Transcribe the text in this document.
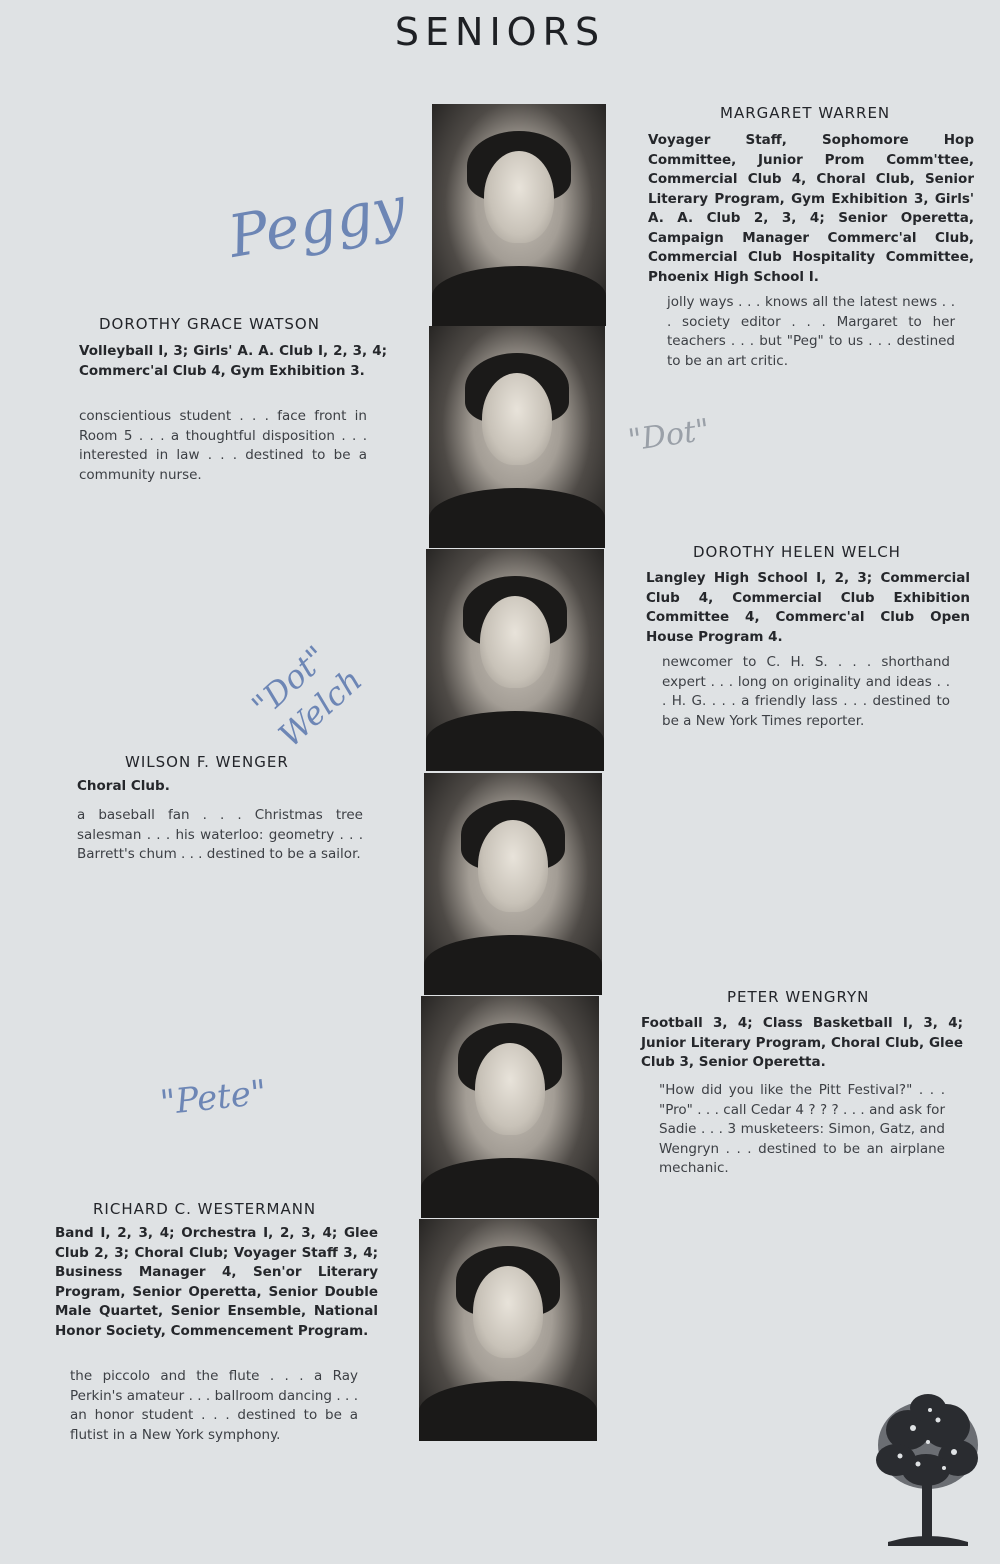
SENIORS
MARGARET WARREN
Voyager Staff, Sophomore Hop Committee, Junior Prom Comm'ttee, Commercial Club 4, Choral Club, Senior Literary Program, Gym Exhibition 3, Girls' A. A. Club 2, 3, 4; Senior Operetta, Campaign Manager Commerc'al Club, Commercial Club Hospitality Committee, Phoenix High School I.
jolly ways . . . knows all the latest news . . . society editor . . . Margaret to her teachers . . . but "Peg" to us . . . destined to be an art critic.
Peggy
DOROTHY GRACE WATSON
Volleyball I, 3; Girls' A. A. Club I, 2, 3, 4; Commerc'al Club 4, Gym Exhibition 3.
conscientious student . . . face front in Room 5 . . . a thoughtful disposition . . . interested in law . . . destined to be a community nurse.
"Dot"
DOROTHY HELEN WELCH
Langley High School I, 2, 3; Commercial Club 4, Commercial Club Exhibition Committee 4, Commerc'al Club Open House Program 4.
newcomer to C. H. S. . . . shorthand expert . . . long on originality and ideas . . . H. G. . . . a friendly lass . . . destined to be a New York Times reporter.
"Dot" Welch
WILSON F. WENGER
Choral Club.
a baseball fan . . . Christmas tree salesman . . . his waterloo: geometry . . . Barrett's chum . . . destined to be a sailor.
PETER WENGRYN
Football 3, 4; Class Basketball I, 3, 4; Junior Literary Program, Choral Club, Glee Club 3, Senior Operetta.
"How did you like the Pitt Festival?" . . . "Pro" . . . call Cedar 4 ? ? ? . . . and ask for Sadie . . . 3 musketeers: Simon, Gatz, and Wengryn . . . destined to be an airplane mechanic.
"Pete"
RICHARD C. WESTERMANN
Band I, 2, 3, 4; Orchestra I, 2, 3, 4; Glee Club 2, 3; Choral Club; Voyager Staff 3, 4; Business Manager 4, Sen'or Literary Program, Senior Operetta, Senior Double Male Quartet, Senior Ensemble, National Honor Society, Commencement Program.
the piccolo and the flute . . . a Ray Perkin's amateur . . . ballroom dancing . . . an honor student . . . destined to be a flutist in a New York symphony.
